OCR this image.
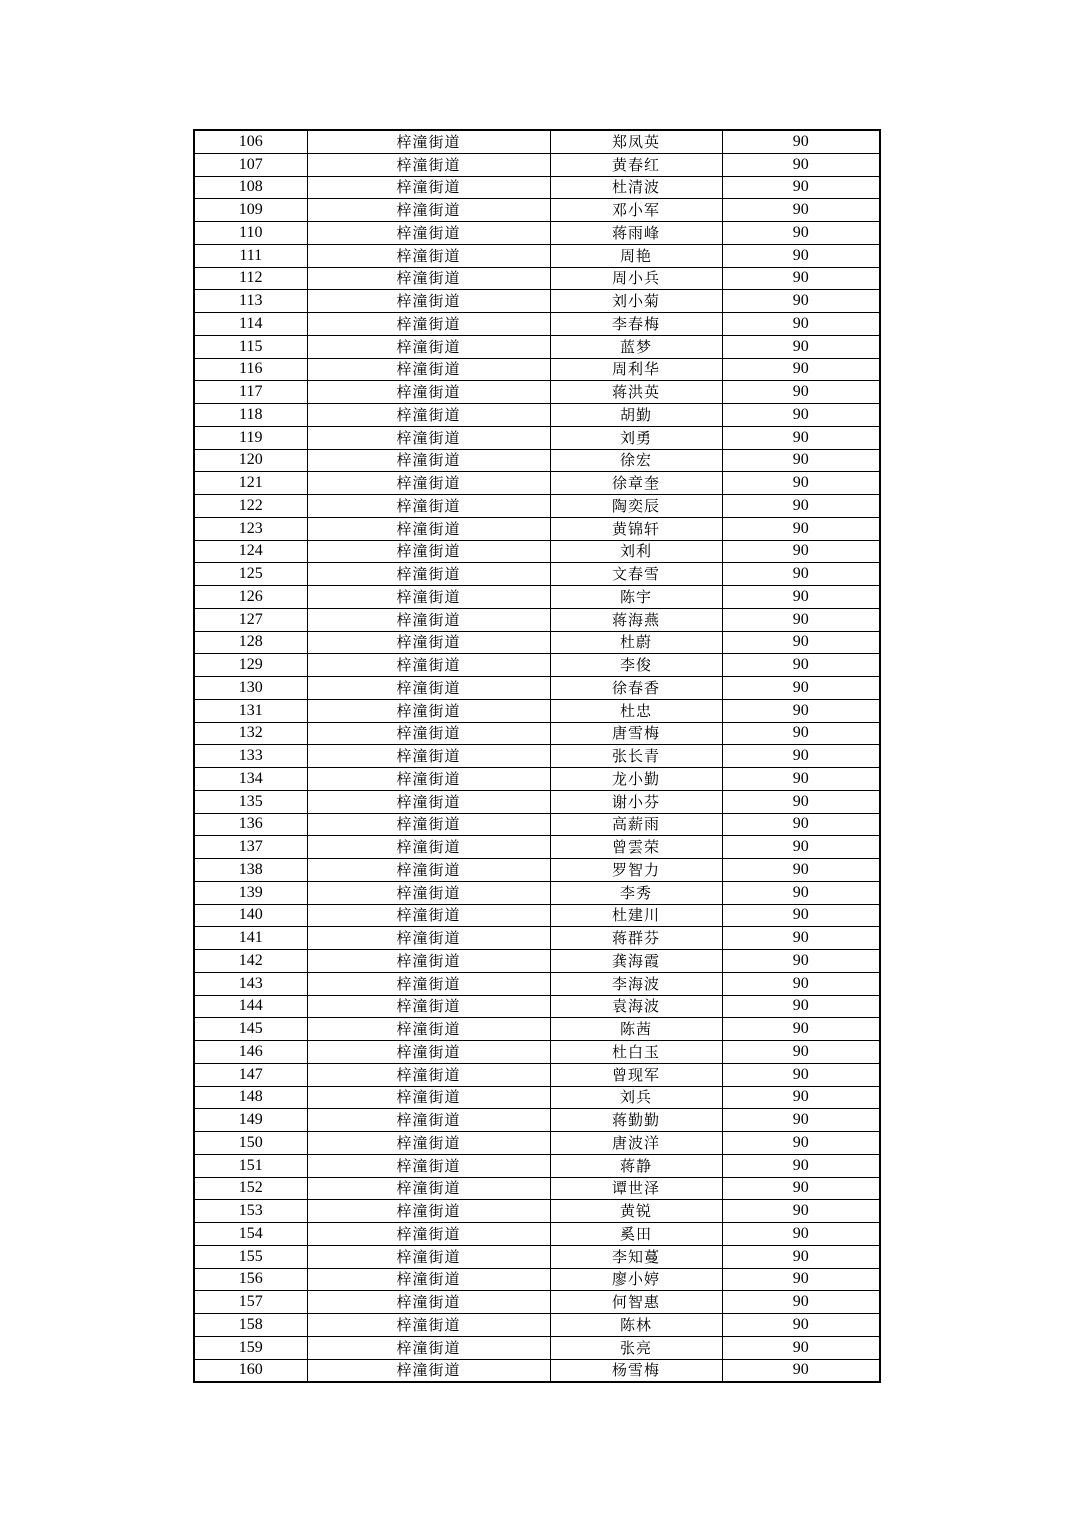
106	梓潼街道	郑凤英	90
107	梓潼街道	黄春红	90
108	梓潼街道	杜清波	90
109	梓潼街道	邓小军	90
110	梓潼街道	蒋雨峰	90
111	梓潼街道	周艳	90
112	梓潼街道	周小兵	90
113	梓潼街道	刘小菊	90
114	梓潼街道	李春梅	90
115	梓潼街道	蓝梦	90
116	梓潼街道	周利华	90
117	梓潼街道	蒋洪英	90
118	梓潼街道	胡勤	90
119	梓潼街道	刘勇	90
120	梓潼街道	徐宏	90
121	梓潼街道	徐章奎	90
122	梓潼街道	陶奕辰	90
123	梓潼街道	黄锦轩	90
124	梓潼街道	刘利	90
125	梓潼街道	文春雪	90
126	梓潼街道	陈宇	90
127	梓潼街道	蒋海燕	90
128	梓潼街道	杜蔚	90
129	梓潼街道	李俊	90
130	梓潼街道	徐春香	90
131	梓潼街道	杜忠	90
132	梓潼街道	唐雪梅	90
133	梓潼街道	张长青	90
134	梓潼街道	龙小勤	90
135	梓潼街道	谢小芬	90
136	梓潼街道	高薪雨	90
137	梓潼街道	曾雲荣	90
138	梓潼街道	罗智力	90
139	梓潼街道	李秀	90
140	梓潼街道	杜建川	90
141	梓潼街道	蒋群芬	90
142	梓潼街道	龚海霞	90
143	梓潼街道	李海波	90
144	梓潼街道	袁海波	90
145	梓潼街道	陈茜	90
146	梓潼街道	杜白玉	90
147	梓潼街道	曾现军	90
148	梓潼街道	刘兵	90
149	梓潼街道	蒋勤勤	90
150	梓潼街道	唐波洋	90
151	梓潼街道	蒋静	90
152	梓潼街道	谭世泽	90
153	梓潼街道	黄锐	90
154	梓潼街道	奚田	90
155	梓潼街道	李知蔓	90
156	梓潼街道	廖小婷	90
157	梓潼街道	何智惠	90
158	梓潼街道	陈林	90
159	梓潼街道	张亮	90
160	梓潼街道	杨雪梅	90
